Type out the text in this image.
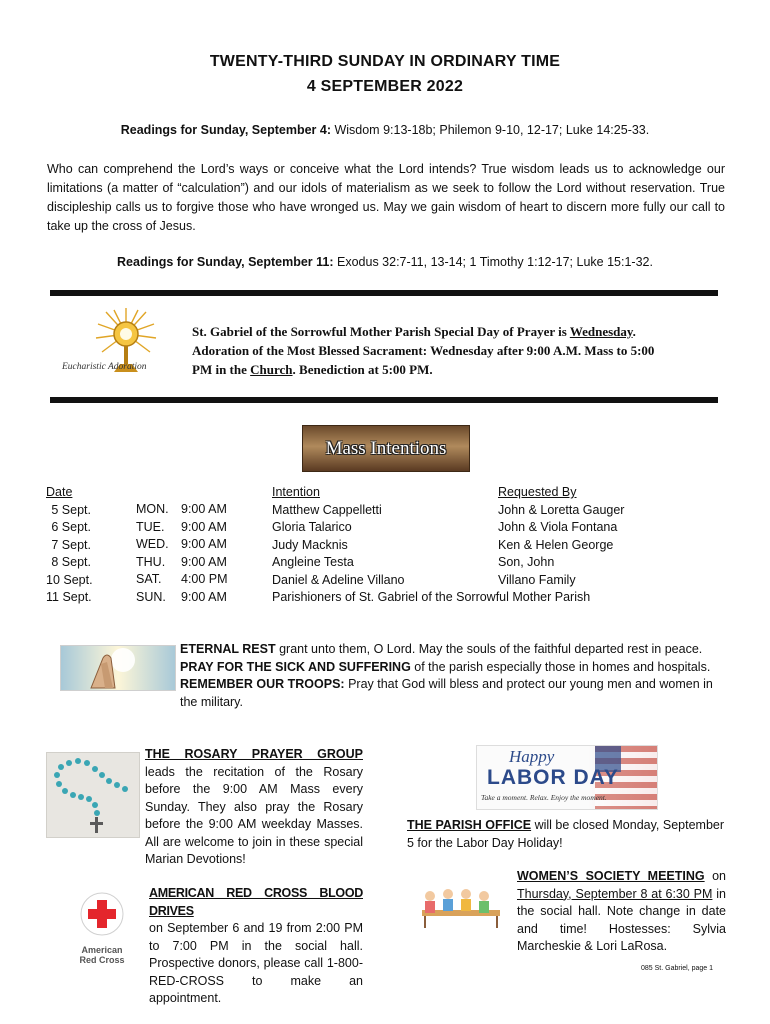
TWENTY-THIRD SUNDAY IN ORDINARY TIME
4 SEPTEMBER 2022
Readings for Sunday, September 4: Wisdom 9:13-18b; Philemon 9-10, 12-17; Luke 14:25-33.
Who can comprehend the Lord’s ways or conceive what the Lord intends? True wisdom leads us to acknowledge our limitations (a matter of “calculation”) and our idols of materialism as we seek to follow the Lord without reservation. True discipleship calls us to forgive those who have wronged us. May we gain wisdom of heart to discern more fully our call to take up the cross of Jesus.
Readings for Sunday, September 11: Exodus 32:7-11, 13-14; 1 Timothy 1:12-17; Luke 15:1-32.
Eucharistic Adoration
St. Gabriel of the Sorrowful Mother Parish Special Day of Prayer is Wednesday.
Adoration of the Most Blessed Sacrament: Wednesday after 9:00 A.M. Mass to 5:00
PM in the Church. Benediction at 5:00 PM.
Mass Intentions
Date
5 Sept.
6 Sept.
7 Sept.
8 Sept.
10 Sept.
11 Sept.
MON.
TUE.
WED.
THU.
SAT.
SUN.
9:00 AM
9:00 AM
9:00 AM
9:00 AM
4:00 PM
9:00 AM
Intention
Matthew Cappelletti
Gloria Talarico
Judy Macknis
Angleine Testa
Daniel & Adeline Villano
Parishioners of St. Gabriel of the Sorrowful Mother Parish
Requested By
John & Loretta Gauger
John & Viola Fontana
Ken & Helen George
Son, John
Villano Family
ETERNAL REST grant unto them, O Lord. May the souls of the faithful departed rest in peace.
PRAY FOR THE SICK AND SUFFERING of the parish especially those in homes and hospitals.
REMEMBER OUR TROOPS: Pray that God will bless and protect our young men and women in the military.
THE ROSARY PRAYER GROUP leads the recitation of the Rosary before the 9:00 AM Mass every Sunday. They also pray the Rosary before the 9:00 AM weekday Masses. All are welcome to join in these special Marian Devotions!
Happy
LABOR DAY
Take a moment. Relax. Enjoy the moment.
THE PARISH OFFICE will be closed Monday, September 5 for the Labor Day Holiday!
American
Red Cross
AMERICAN RED CROSS BLOOD DRIVES
on September 6 and 19 from 2:00 PM to 7:00 PM in the social hall. Prospective donors, please call 1-800-RED-CROSS to make an appointment.
WOMEN’S SOCIETY MEETING on Thursday, September 8 at 6:30 PM in the social hall. Note change in date and time! Hostesses: Sylvia Marcheskie & Lori LaRosa.
085 St. Gabriel, page 1
